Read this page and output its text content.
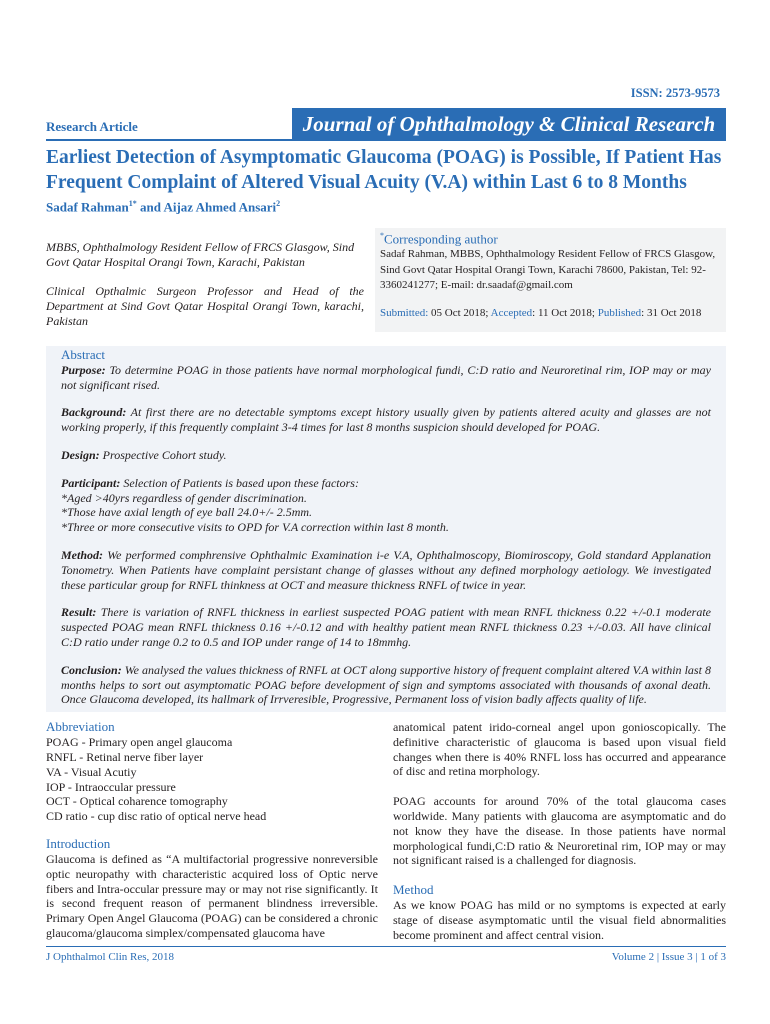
ISSN: 2573-9573
Research Article	Journal of Ophthalmology & Clinical Research
Earliest Detection of Asymptomatic Glaucoma (POAG) is Possible, If Patient Has Frequent Complaint of Altered Visual Acuity (V.A) within Last 6 to 8 Months
Sadaf Rahman$^{1*}$ and Aijaz Ahmed Ansari$^2$
MBBS, Ophthalmology Resident Fellow of FRCS Glasgow, Sind Govt Qatar Hospital Orangi Town, Karachi, Pakistan
Clinical Opthalmic Surgeon Professor and Head of the Department at Sind Govt Qatar Hospital Orangi Town, karachi, Pakistan
*Corresponding author
Sadaf Rahman, MBBS, Ophthalmology Resident Fellow of FRCS Glasgow, Sind Govt Qatar Hospital Orangi Town, Karachi 78600, Pakistan, Tel: 92-3360241277; E-mail: dr.saadaf@gmail.com
Submitted: 05 Oct 2018; Accepted: 11 Oct 2018; Published: 31 Oct 2018
Abstract

Purpose: To determine POAG in those patients have normal morphological fundi, C:D ratio and Neuroretinal rim, IOP may or may not significant rised.

Background: At first there are no detectable symptoms except history usually given by patients altered acuity and glasses are not working properly, if this frequently complaint 3-4 times for last 8 months suspicion should developed for POAG.

Design: Prospective Cohort study.

Participant: Selection of Patients is based upon these factors:
*Aged >40yrs regardless of gender discrimination.
*Those have axial length of eye ball 24.0+/- 2.5mm.
*Three or more consecutive visits to OPD for V.A correction within last 8 month.

Method: We performed comphrensive Ophthalmic Examination i-e V.A, Ophthalmoscopy, Biomiroscopy, Gold standard Applanation Tonometry. When Patients have complaint persistant change of glasses without any defined morphology aetiology. We investigated these particular group for RNFL thinkness at OCT and measure thickness RNFL of twice in year.

Result: There is variation of RNFL thickness in earliest suspected POAG patient with mean RNFL thickness 0.22 +/-0.1 moderate suspected POAG mean RNFL thickness 0.16 +/-0.12 and with healthy patient mean RNFL thickness 0.23 +/-0.03. All have clinical C:D ratio under range 0.2 to 0.5 and IOP under range of 14 to 18mmhg.

Conclusion: We analysed the values thickness of RNFL at OCT along supportive history of frequent complaint altered V.A within last 8 months helps to sort out asymptomatic POAG before development of sign and symptoms associated with thousands of axonal death. Once Glaucoma developed, its hallmark of Irrveresible, Progressive, Permanent loss of vision badly affects quality of life.

Abbreviation
POAG - Primary open angel glaucoma
RNFL - Retinal nerve fiber layer
VA - Visual Acutiy
IOP - Intraoccular pressure
OCT - Optical coharence tomography
CD ratio - cup disc ratio of optical nerve head
Introduction
Glaucoma is defined as “A multifactorial progressive nonreversible optic neuropathy with characteristic acquired loss of Optic nerve fibers and Intra-occular pressure may or may not rise significantly. It is second frequent reason of permanent blindness irreversible. Primary Open Angel Glaucoma (POAG) can be considered a chronic glaucoma/glaucoma simplex/compensated glaucoma have

anatomical patent irido-corneal angel upon gonioscopically. The definitive characteristic of glaucoma is based upon visual field changes when there is 40% RNFL loss has occurred and appearance of disc and retina morphology.

POAG accounts for around 70% of the total glaucoma cases worldwide. Many patients with glaucoma are asymptomatic and do not know they have the disease. In those patients have normal morphological fundi,C:D ratio & Neuroretinal rim, IOP may or may not significant raised is a challenged for diagnosis.

Method
As we know POAG has mild or no symptoms is expected at early stage of disease asymptomatic until the visual field abnormalities become prominent and affect central vision.
J Ophthalmol Clin Res, 2018	Volume 2 | Issue 3 | 1 of 3
